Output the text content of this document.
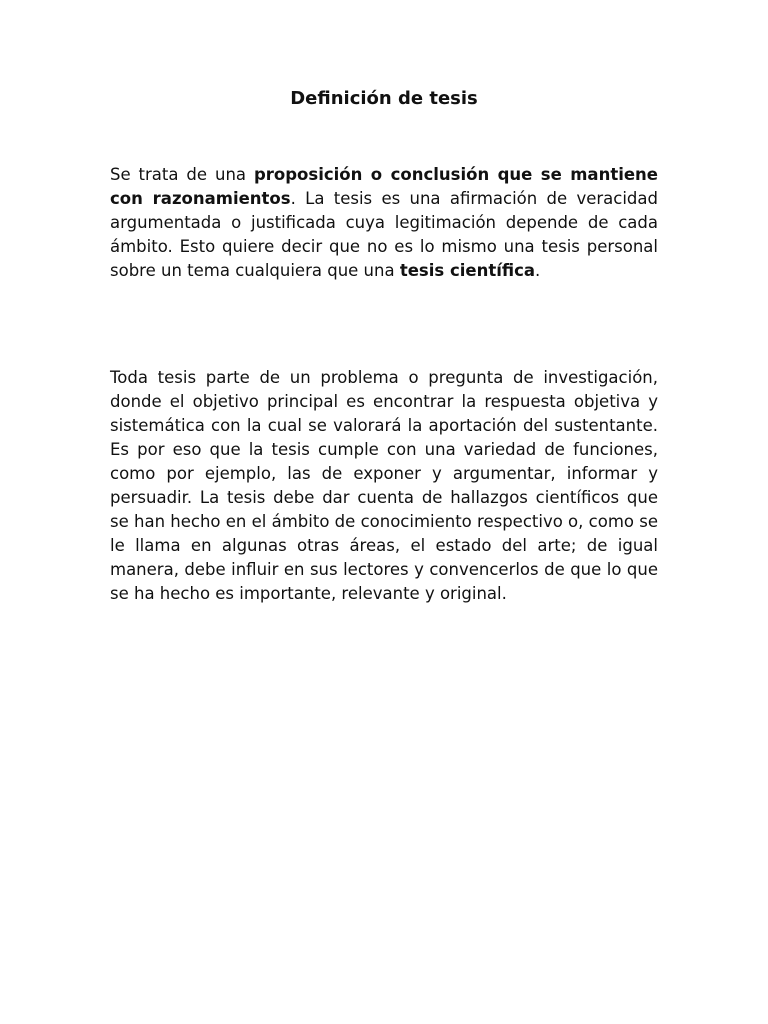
Definición de tesis

Se trata de una proposición o conclusión que se mantiene con razonamientos. La tesis es una afirmación de veracidad argumentada o justificada cuya legitimación depende de cada ámbito. Esto quiere decir que no es lo mismo una tesis personal sobre un tema cualquiera que una tesis científica.

Toda tesis parte de un problema o pregunta de investigación, donde el objetivo principal es encontrar la respuesta objetiva y sistemática con la cual se valorará la aportación del sustentante. Es por eso que la tesis cumple con una variedad de funciones, como por ejemplo, las de exponer y argumentar, informar y persuadir. La tesis debe dar cuenta de hallazgos científicos que se han hecho en el ámbito de conocimiento respectivo o, como se le llama en algunas otras áreas, el estado del arte; de igual manera, debe influir en sus lectores y convencerlos de que lo que se ha hecho es importante, relevante y original.
